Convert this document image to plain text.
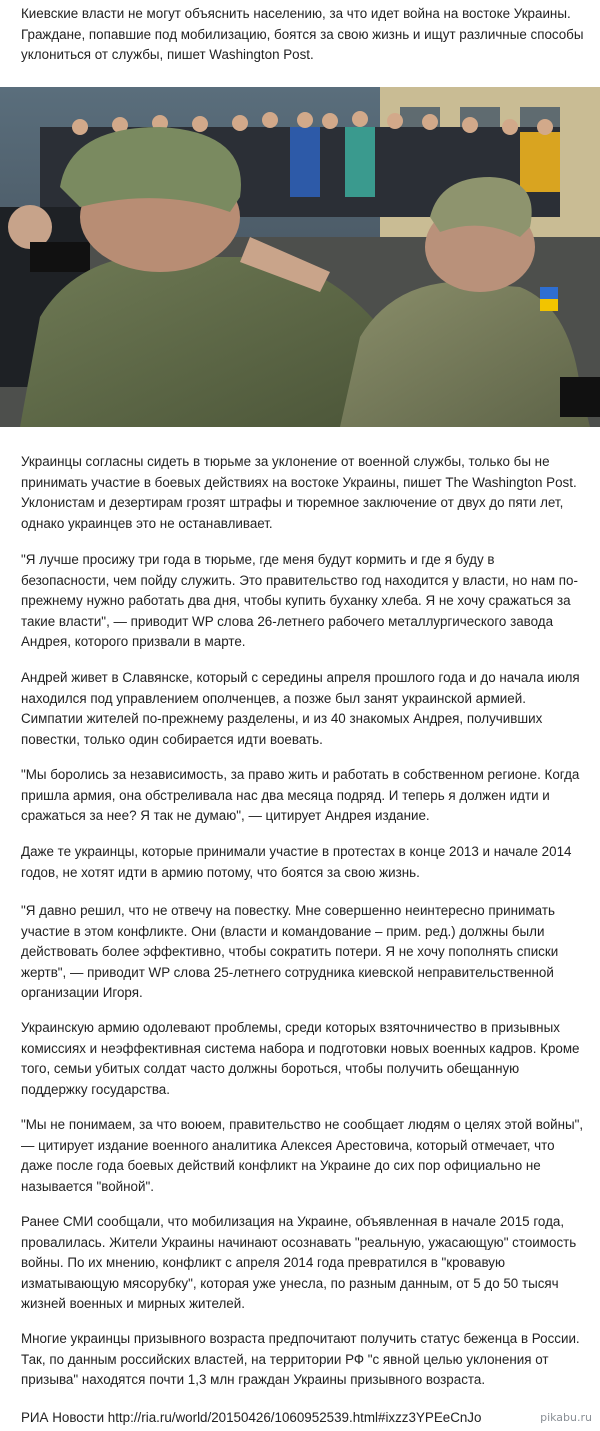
Киевские власти не могут объяснить населению, за что идет война на востоке Украины. Граждане, попавшие под мобилизацию, боятся за свою жизнь и ищут различные способы уклониться от службы, пишет Washington Post.

Украинцы согласны сидеть в тюрьме за уклонение от военной службы, только бы не принимать участие в боевых действиях на востоке Украины, пишет The Washington Post. Уклонистам и дезертирам грозят штрафы и тюремное заключение от двух до пяти лет, однако украинцев это не останавливает.

"Я лучше просижу три года в тюрьме, где меня будут кормить и где я буду в безопасности, чем пойду служить. Это правительство год находится у власти, но нам по-прежнему нужно работать два дня, чтобы купить буханку хлеба. Я не хочу сражаться за такие власти", — приводит WP слова 26-летнего рабочего металлургического завода Андрея, которого призвали в марте.

Андрей живет в Славянске, который с середины апреля прошлого года и до начала июля находился под управлением ополченцев, а позже был занят украинской армией. Симпатии жителей по-прежнему разделены, и из 40 знакомых Андрея, получивших повестки, только один собирается идти воевать.

"Мы боролись за независимость, за право жить и работать в собственном регионе. Когда пришла армия, она обстреливала нас два месяца подряд. И теперь я должен идти и сражаться за нее? Я так не думаю", — цитирует Андрея издание.

Даже те украинцы, которые принимали участие в протестах в конце 2013 и начале 2014 годов, не хотят идти в армию потому, что боятся за свою жизнь.

"Я давно решил, что не отвечу на повестку. Мне совершенно неинтересно принимать участие в этом конфликте. Они (власти и командование – прим. ред.) должны были действовать более эффективно, чтобы сократить потери. Я не хочу пополнять списки жертв", — приводит WP слова 25-летнего сотрудника киевской неправительственной организации Игоря.

Украинскую армию одолевают проблемы, среди которых взяточничество в призывных комиссиях и неэффективная система набора и подготовки новых военных кадров. Кроме того, семьи убитых солдат часто должны бороться, чтобы получить обещанную поддержку государства.

"Мы не понимаем, за что воюем, правительство не сообщает людям о целях этой войны", — цитирует издание военного аналитика Алексея Арестовича, который отмечает, что даже после года боевых действий конфликт на Украине до сих пор официально не называется "войной".

Ранее СМИ сообщали, что мобилизация на Украине, объявленная в начале 2015 года, провалилась. Жители Украины начинают осознавать "реальную, ужасающую" стоимость войны. По их мнению, конфликт с апреля 2014 года превратился в "кровавую изматывающую мясорубку", которая уже унесла, по разным данным, от 5 до 50 тысяч жизней военных и мирных жителей.

Многие украинцы призывного возраста предпочитают получить статус беженца в России. Так, по данным российских властей, на территории РФ "с явной целью уклонения от призыва" находятся почти 1,3 млн граждан Украины призывного возраста.

РИА Новости http://ria.ru/world/20150426/1060952539.html#ixzz3YPEeCnJo	pikabu.ru
